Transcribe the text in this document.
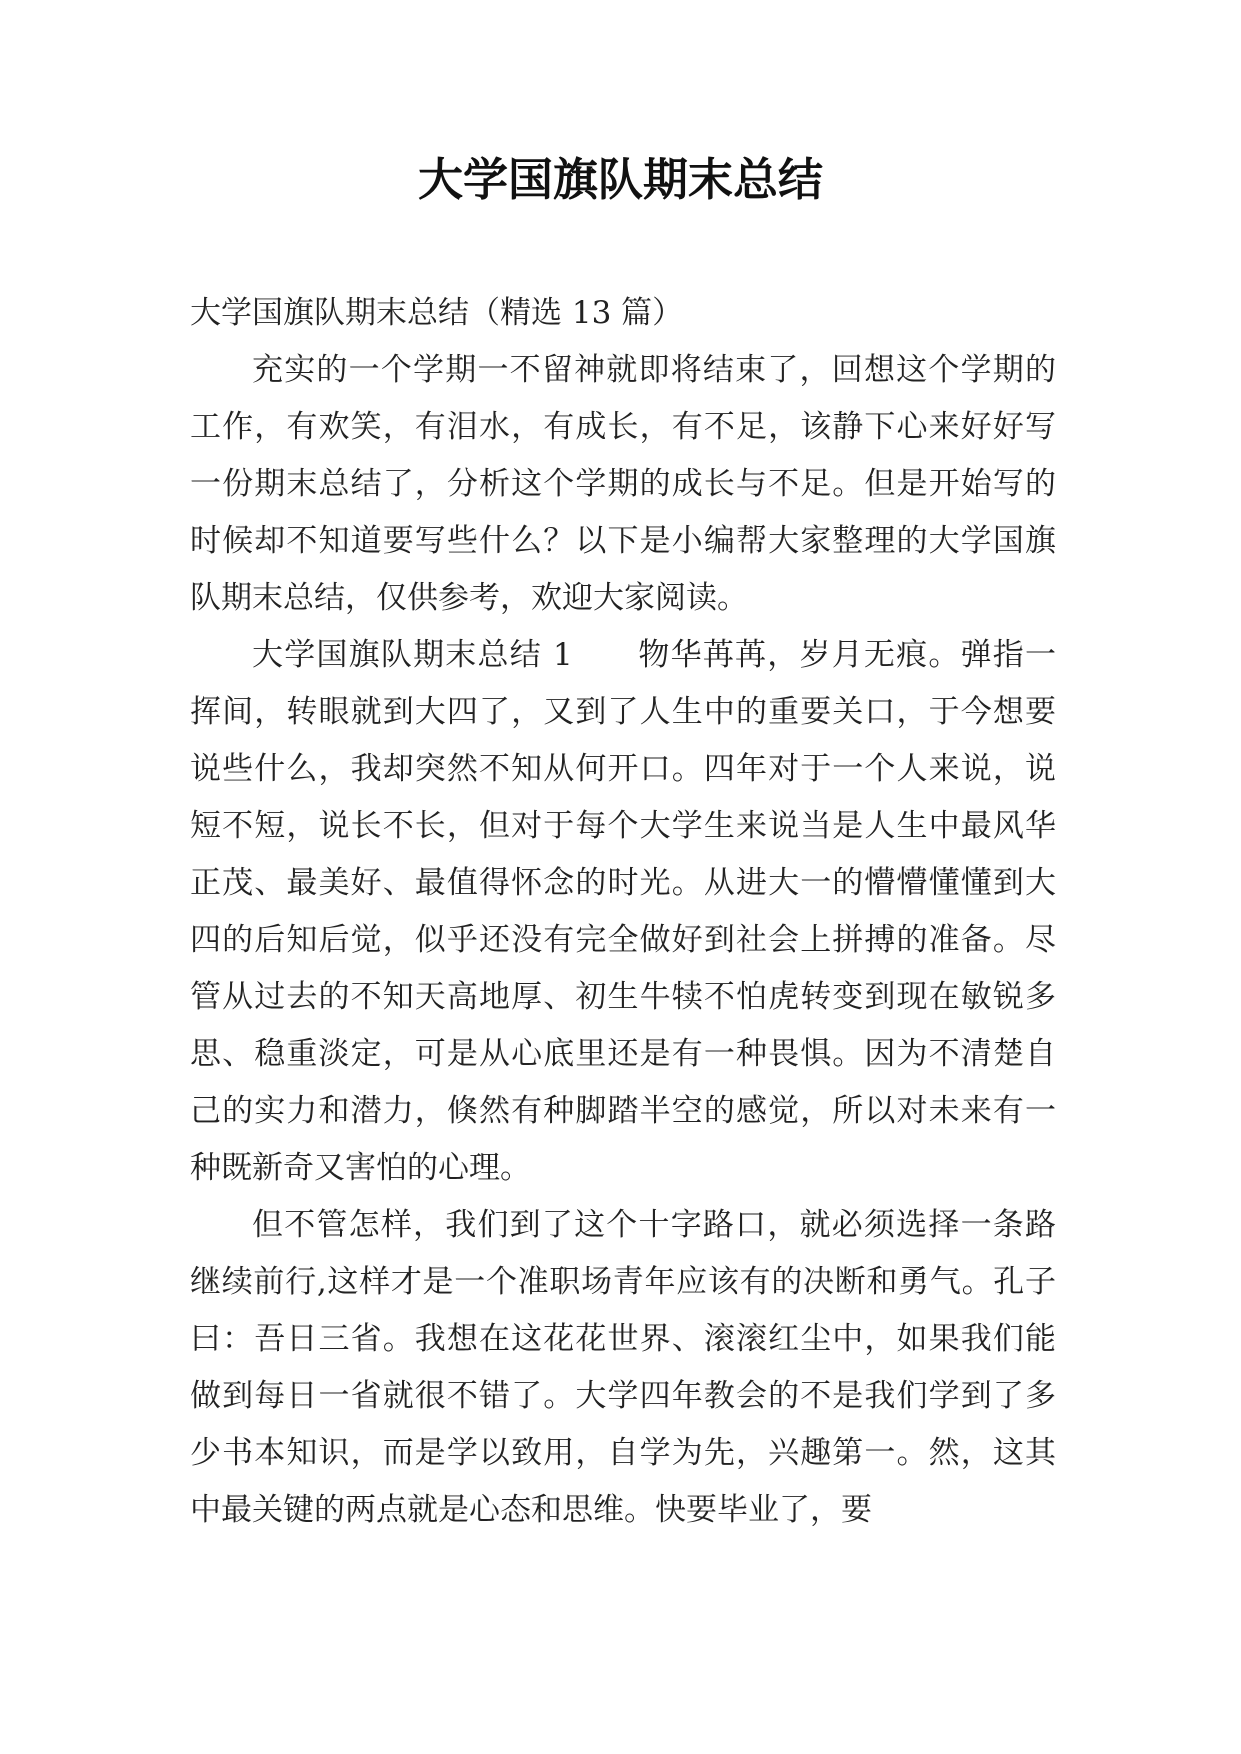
大学国旗队期末总结

大学国旗队期末总结（精选 13 篇）

充实的一个学期一不留神就即将结束了，回想这个学期的工作，有欢笑，有泪水，有成长，有不足，该静下心来好好写一份期末总结了，分析这个学期的成长与不足。但是开始写的时候却不知道要写些什么？以下是小编帮大家整理的大学国旗队期末总结，仅供参考，欢迎大家阅读。

大学国旗队期末总结 1　　物华苒苒，岁月无痕。弹指一挥间，转眼就到大四了，又到了人生中的重要关口，于今想要说些什么，我却突然不知从何开口。四年对于一个人来说，说短不短，说长不长，但对于每个大学生来说当是人生中最风华正茂、最美好、最值得怀念的时光。从进大一的懵懵懂懂到大四的后知后觉，似乎还没有完全做好到社会上拼搏的准备。尽管从过去的不知天高地厚、初生牛犊不怕虎转变到现在敏锐多思、稳重淡定，可是从心底里还是有一种畏惧。因为不清楚自己的实力和潜力，倏然有种脚踏半空的感觉，所以对未来有一种既新奇又害怕的心理。

但不管怎样，我们到了这个十字路口，就必须选择一条路继续前行,这样才是一个准职场青年应该有的决断和勇气。孔子曰：吾日三省。我想在这花花世界、滚滚红尘中，如果我们能做到每日一省就很不错了。大学四年教会的不是我们学到了多少书本知识，而是学以致用，自学为先，兴趣第一。然，这其中最关键的两点就是心态和思维。快要毕业了，要
